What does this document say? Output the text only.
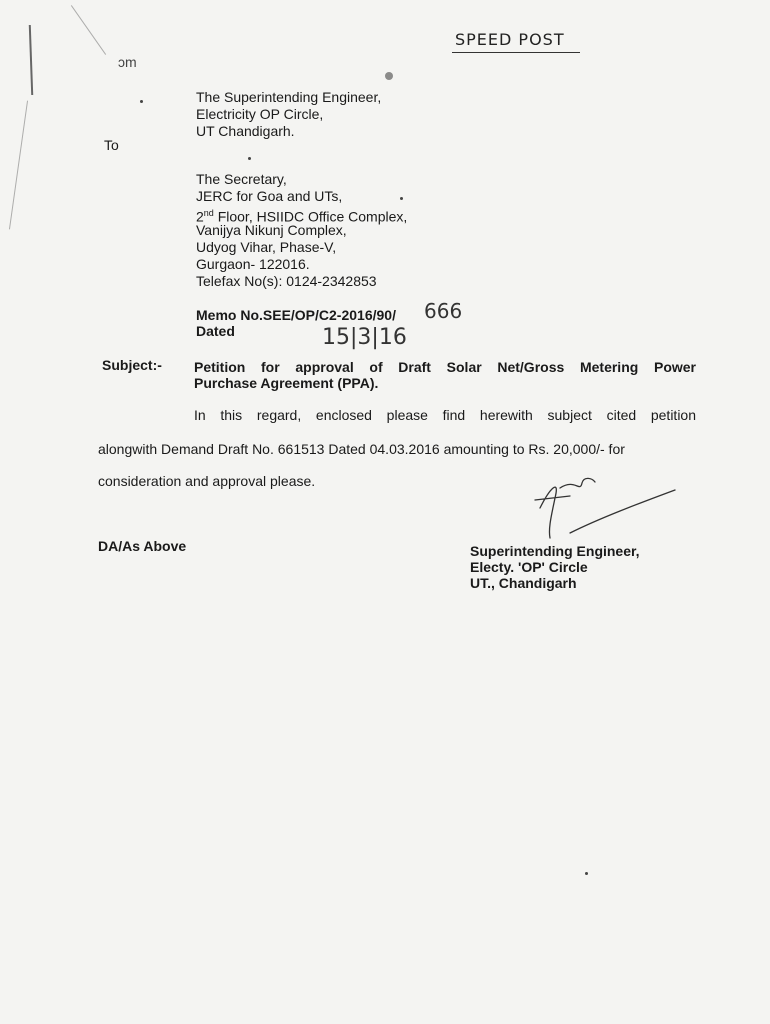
SPEED POST
ɔm
The Superintending Engineer,
Electricity OP Circle,
UT Chandigarh.
To
The Secretary,
JERC for Goa and UTs,
2nd Floor, HSIIDC Office Complex,
Vanijya Nikunj Complex,
Udyog Vihar, Phase-V,
Gurgaon- 122016.
Telefax No(s): 0124-2342853
Memo No.SEE/OP/C2-2016/90/ 666
Dated	15|3|16
Subject:- Petition for approval of Draft Solar Net/Gross Metering Power
Purchase Agreement (PPA).
In this regard, enclosed please find herewith subject cited petition
alongwith Demand Draft No. 661513 Dated 04.03.2016 amounting to Rs. 20,000/- for
consideration and approval please.
DA/As Above	Superintending Engineer,
Electy. 'OP' Circle
UT., Chandigarh
